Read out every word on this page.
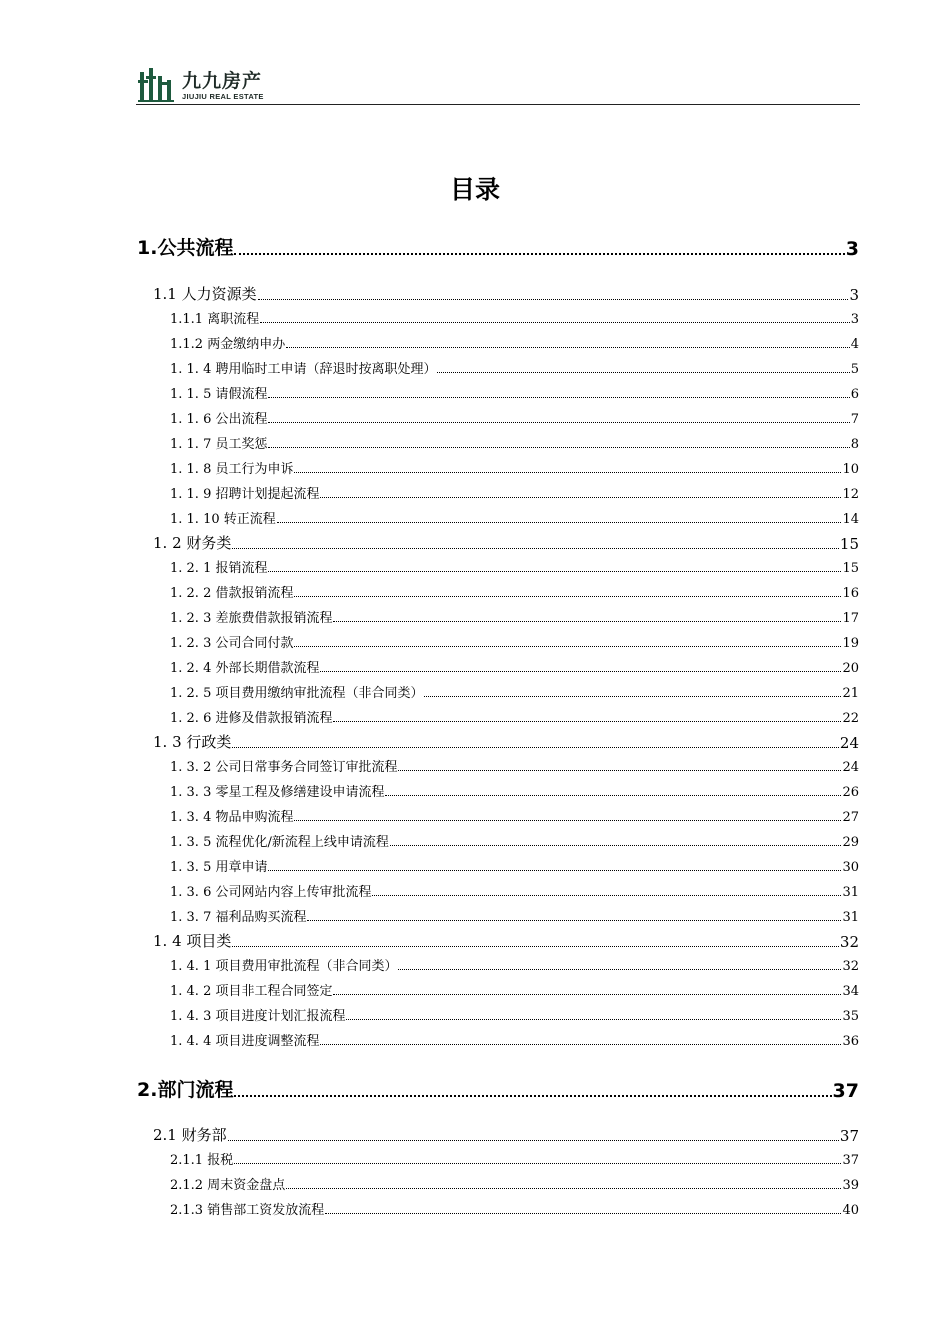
九九房产
JIUJIU REAL ESTATE
目录
1.公共流程	3
1.1 人力资源类	3
1.1.1 离职流程	3
1.1.2 两金缴纳申办	4
1. 1. 4 聘用临时工申请（辞退时按离职处理）	5
1. 1. 5 请假流程	6
1. 1. 6 公出流程	7
1. 1. 7 员工奖惩	8
1. 1. 8 员工行为申诉	10
1. 1. 9 招聘计划提起流程	12
1. 1. 10 转正流程	14
1. 2 财务类	15
1. 2. 1 报销流程	15
1. 2. 2 借款报销流程	16
1. 2. 3 差旅费借款报销流程	17
1. 2. 3 公司合同付款	19
1. 2. 4 外部长期借款流程	20
1. 2. 5 项目费用缴纳审批流程（非合同类）	21
1. 2. 6 进修及借款报销流程	22
1. 3 行政类	24
1. 3. 2 公司日常事务合同签订审批流程	24
1. 3. 3 零星工程及修缮建设申请流程	26
1. 3. 4 物品申购流程	27
1. 3. 5 流程优化/新流程上线申请流程	29
1. 3. 5 用章申请	30
1. 3. 6 公司网站内容上传审批流程	31
1. 3. 7 福利品购买流程	31
1. 4 项目类	32
1. 4. 1 项目费用审批流程（非合同类）	32
1. 4. 2 项目非工程合同签定	34
1. 4. 3 项目进度计划汇报流程	35
1. 4. 4 项目进度调整流程	36
2.部门流程	37
2.1 财务部	37
2.1.1 报税	37
2.1.2 周末资金盘点	39
2.1.3 销售部工资发放流程	40
